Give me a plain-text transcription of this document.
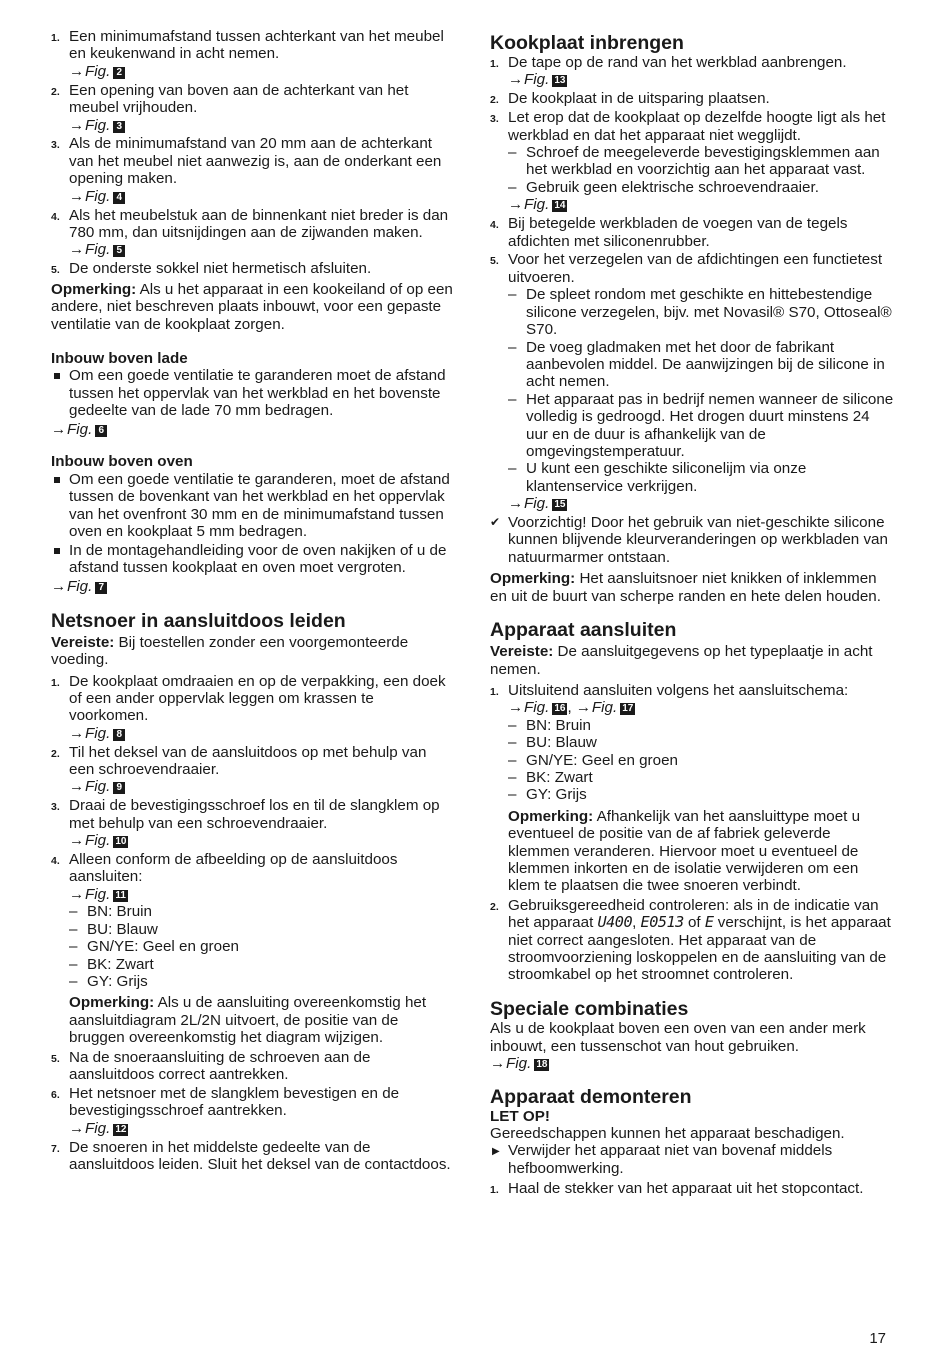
1. Een minimumafstand tussen achterkant van het meubel en keukenwand in acht nemen.
→Fig. 2
2. Een opening van boven aan de achterkant van het meubel vrijhouden.
→Fig. 3
3. Als de minimumafstand van 20 mm aan de achterkant van het meubel niet aanwezig is, aan de onderkant een opening maken.
→Fig. 4
4. Als het meubelstuk aan de binnenkant niet breder is dan 780 mm, dan uitsnijdingen aan de zijwanden maken.
→Fig. 5
5. De onderste sokkel niet hermetisch afsluiten.

Opmerking: Als u het apparaat in een kookeiland of op een andere, niet beschreven plaats inbouwt, voor een gepaste ventilatie van de kookplaat zorgen.

Inbouw boven lade

Om een goede ventilatie te garanderen moet de afstand tussen het oppervlak van het werkblad en het bovenste gedeelte van de lade 70 mm bedragen.
→Fig. 6

Inbouw boven oven

Om een goede ventilatie te garanderen, moet de afstand tussen de bovenkant van het werkblad en het oppervlak van het ovenfront 30 mm en de minimumafstand tussen oven en kookplaat 5 mm bedragen.
In de montagehandleiding voor de oven nakijken of u de afstand tussen kookplaat en oven moet vergroten.
→Fig. 7

Netsnoer in aansluitdoos leiden

Vereiste: Bij toestellen zonder een voorgemonteerde voeding.

1. De kookplaat omdraaien en op de verpakking, een doek of een ander oppervlak leggen om krassen te voorkomen.
→Fig. 8
2. Til het deksel van de aansluitdoos op met behulp van een schroevendraaier.
→Fig. 9
3. Draai de bevestigingsschroef los en til de slangklem op met behulp van een schroevendraaier.
→Fig. 10
4. Alleen conform de afbeelding op de aansluitdoos aansluiten:
→Fig. 11
– BN: Bruin
– BU: Blauw
– GN/YE: Geel en groen
– BK: Zwart
– GY: Grijs

Opmerking: Als u de aansluiting overeenkomstig het aansluitdiagram 2L/2N uitvoert, de positie van de bruggen overeenkomstig het diagram wijzigen.

5. Na de snoeraansluiting de schroeven aan de aansluitdoos correct aantrekken.
6. Het netsnoer met de slangklem bevestigen en de bevestigingsschroef aantrekken.
→Fig. 12
7. De snoeren in het middelste gedeelte van de aansluitdoos leiden. Sluit het deksel van de contactdoos.

Kookplaat inbrengen

1. De tape op de rand van het werkblad aanbrengen.
→Fig. 13
2. De kookplaat in de uitsparing plaatsen.
3. Let erop dat de kookplaat op dezelfde hoogte ligt als het werkblad en dat het apparaat niet wegglijdt.
– Schroef de meegeleverde bevestigingsklemmen aan het werkblad en voorzichtig aan het apparaat vast.
– Gebruik geen elektrische schroevendraaier.
→Fig. 14
4. Bij betegelde werkbladen de voegen van de tegels afdichten met siliconenrubber.
5. Voor het verzegelen van de afdichtingen een functietest uitvoeren.
– De spleet rondom met geschikte en hittebestendige silicone verzegelen, bijv. met Novasil® S70, Ottoseal® S70.
– De voeg gladmaken met het door de fabrikant aanbevolen middel. De aanwijzingen bij de silicone in acht nemen.
– Het apparaat pas in bedrijf nemen wanneer de silicone volledig is gedroogd. Het drogen duurt minstens 24 uur en de duur is afhankelijk van de omgevingstemperatuur.
– U kunt een geschikte siliconelijm via onze klantenservice verkrijgen.
→Fig. 15
✔ Voorzichtig! Door het gebruik van niet-geschikte silicone kunnen blijvende kleurveranderingen op werkbladen van natuurmarmer ontstaan.

Opmerking: Het aansluitsnoer niet knikken of inklemmen en uit de buurt van scherpe randen en hete delen houden.

Apparaat aansluiten

Vereiste: De aansluitgegevens op het typeplaatje in acht nemen.

1. Uitsluitend aansluiten volgens het aansluitschema:
→Fig. 16 , →Fig. 17
– BN: Bruin
– BU: Blauw
– GN/YE: Geel en groen
– BK: Zwart
– GY: Grijs

Opmerking: Afhankelijk van het aansluittype moet u eventueel de positie van de af fabriek geleverde klemmen veranderen. Hiervoor moet u eventueel de klemmen inkorten en de isolatie verwijderen om een klem te plaatsen die twee snoeren verbindt.

2. Gebruiksgereedheid controleren: als in de indicatie van het apparaat U400, E0513 of E verschijnt, is het apparaat niet correct aangesloten. Het apparaat van de stroomvoorziening loskoppelen en de aansluiting van de stroomkabel op het stroomnet controleren.

Speciale combinaties

Als u de kookplaat boven een oven van een ander merk inbouwt, een tussenschot van hout gebruiken.

→Fig. 18

Apparaat demonteren

LET OP!

Gereedschappen kunnen het apparaat beschadigen.

▶ Verwijder het apparaat niet van bovenaf middels hefboomwerking.
1. Haal de stekker van het apparaat uit het stopcontact.
17
